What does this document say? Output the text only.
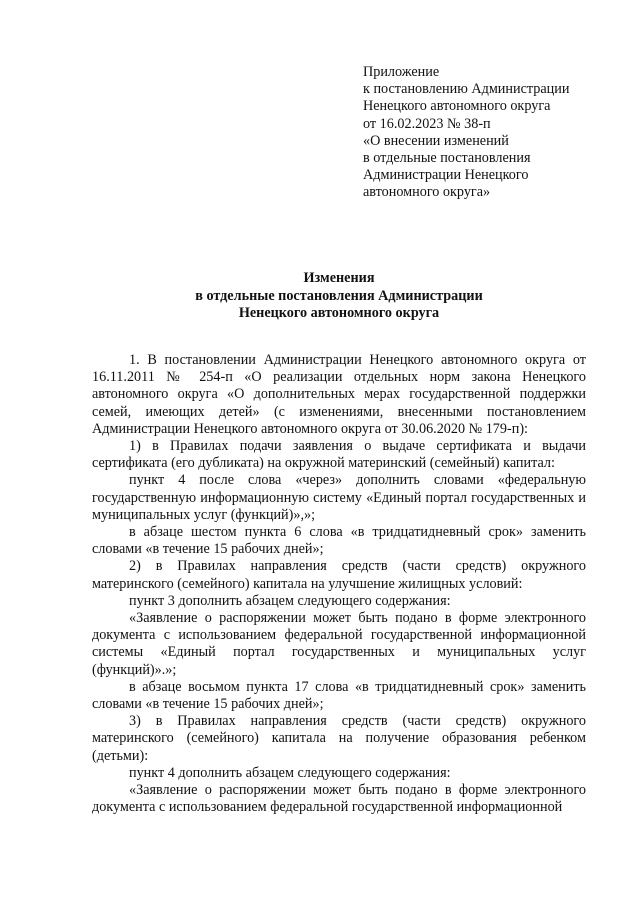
Приложение
к постановлению Администрации
Ненецкого автономного округа
от 16.02.2023 № 38-п
«О внесении изменений
в отдельные постановления
Администрации Ненецкого
автономного округа»
Изменения
в отдельные постановления Администрации
Ненецкого автономного округа

1. В постановлении Администрации Ненецкого автономного округа от 16.11.2011 № 254-п «О реализации отдельных норм закона Ненецкого автономного округа «О дополнительных мерах государственной поддержки семей, имеющих детей» (с изменениями, внесенными постановлением Администрации Ненецкого автономного округа от 30.06.2020 № 179-п):

1) в Правилах подачи заявления о выдаче сертификата и выдачи сертификата (его дубликата) на окружной материнский (семейный) капитал:

пункт 4 после слова «через» дополнить словами «федеральную государственную информационную систему «Единый портал государственных и муниципальных услуг (функций)»,»;

в абзаце шестом пункта 6 слова «в тридцатидневный срок» заменить словами «в течение 15 рабочих дней»;

2) в Правилах направления средств (части средств) окружного материнского (семейного) капитала на улучшение жилищных условий:

пункт 3 дополнить абзацем следующего содержания:

«Заявление о распоряжении может быть подано в форме электронного документа с использованием федеральной государственной информационной системы «Единый портал государственных и муниципальных услуг (функций)».»;

в абзаце восьмом пункта 17 слова «в тридцатидневный срок» заменить словами «в течение 15 рабочих дней»;

3) в Правилах направления средств (части средств) окружного материнского (семейного) капитала на получение образования ребенком (детьми):

пункт 4 дополнить абзацем следующего содержания:

«Заявление о распоряжении может быть подано в форме электронного документа с использованием федеральной государственной информационной
